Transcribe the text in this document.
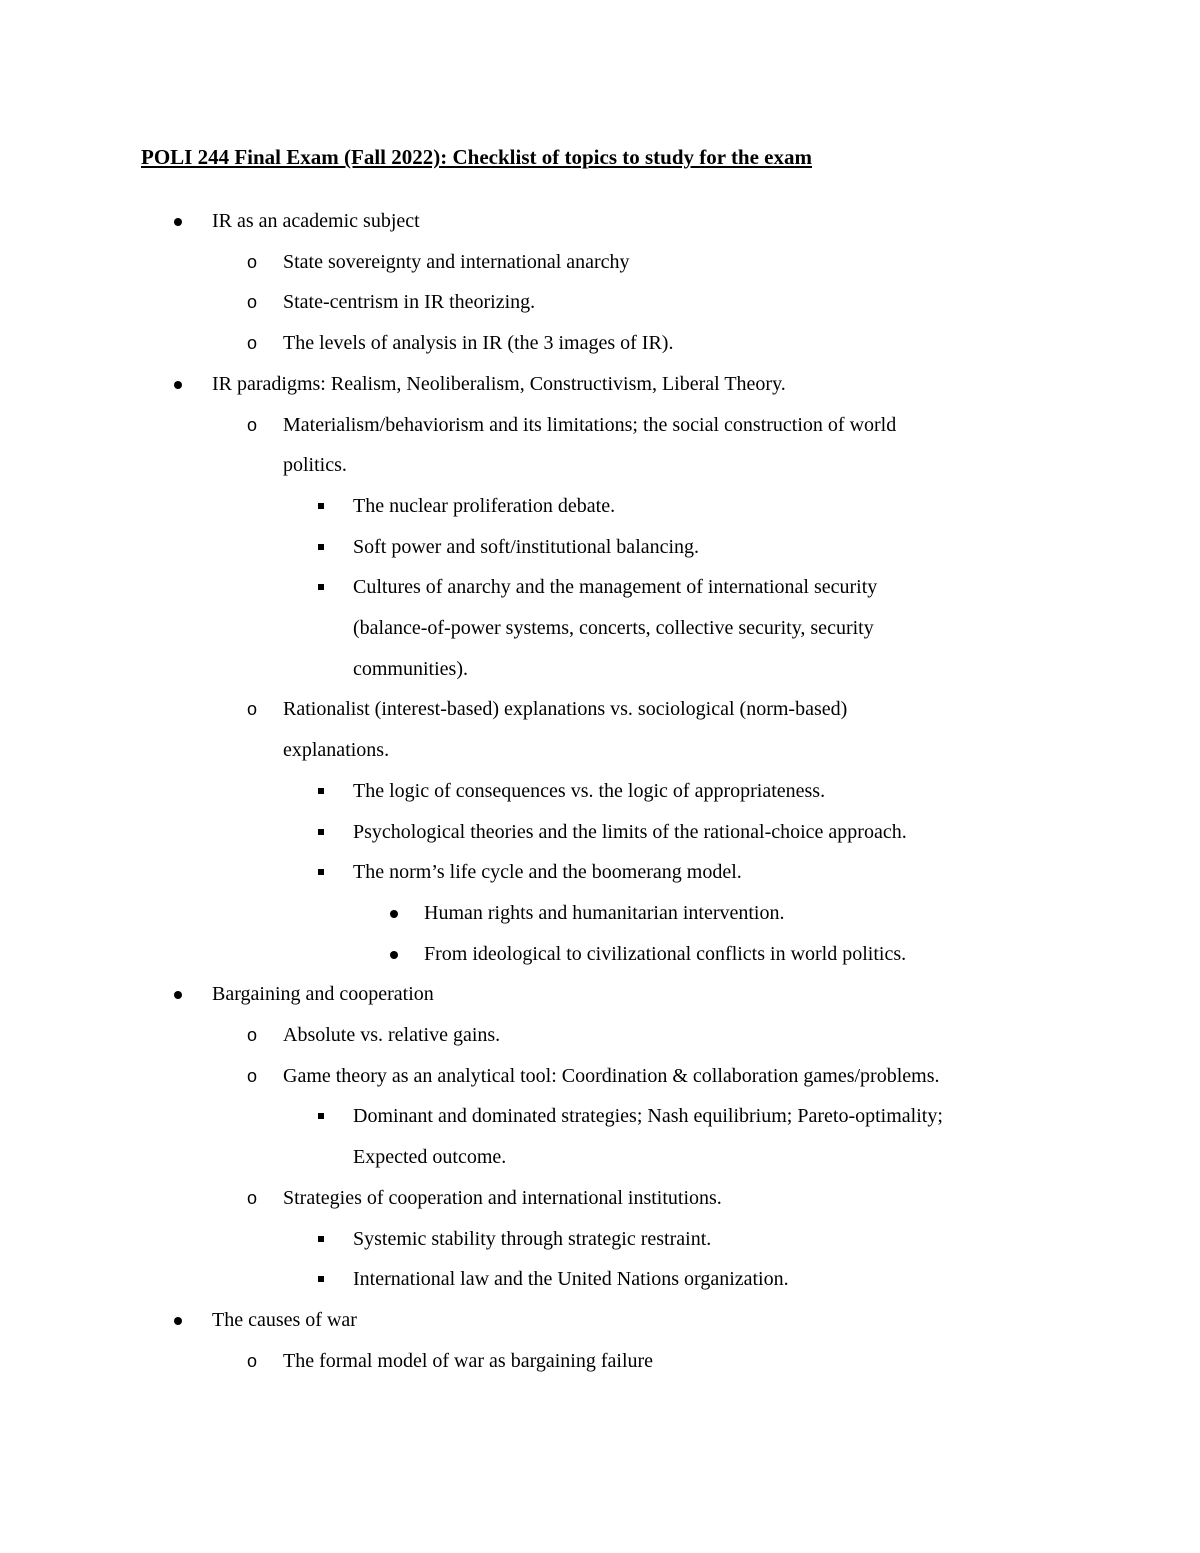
POLI 244 Final Exam (Fall 2022): Checklist of topics to study for the exam
IR as an academic subject
o State sovereignty and international anarchy
o State-centrism in IR theorizing.
o The levels of analysis in IR (the 3 images of IR).
IR paradigms: Realism, Neoliberalism, Constructivism, Liberal Theory.
o Materialism/behaviorism and its limitations; the social construction of world
politics.
The nuclear proliferation debate.
Soft power and soft/institutional balancing.
Cultures of anarchy and the management of international security
(balance-of-power systems, concerts, collective security, security
communities).
o Rationalist (interest-based) explanations vs. sociological (norm-based)
explanations.
The logic of consequences vs. the logic of appropriateness.
Psychological theories and the limits of the rational-choice approach.
The norm’s life cycle and the boomerang model.
Human rights and humanitarian intervention.
From ideological to civilizational conflicts in world politics.
Bargaining and cooperation
o Absolute vs. relative gains.
o Game theory as an analytical tool: Coordination & collaboration games/problems.
Dominant and dominated strategies; Nash equilibrium; Pareto-optimality;
Expected outcome.
o Strategies of cooperation and international institutions.
Systemic stability through strategic restraint.
International law and the United Nations organization.
The causes of war
o The formal model of war as bargaining failure
